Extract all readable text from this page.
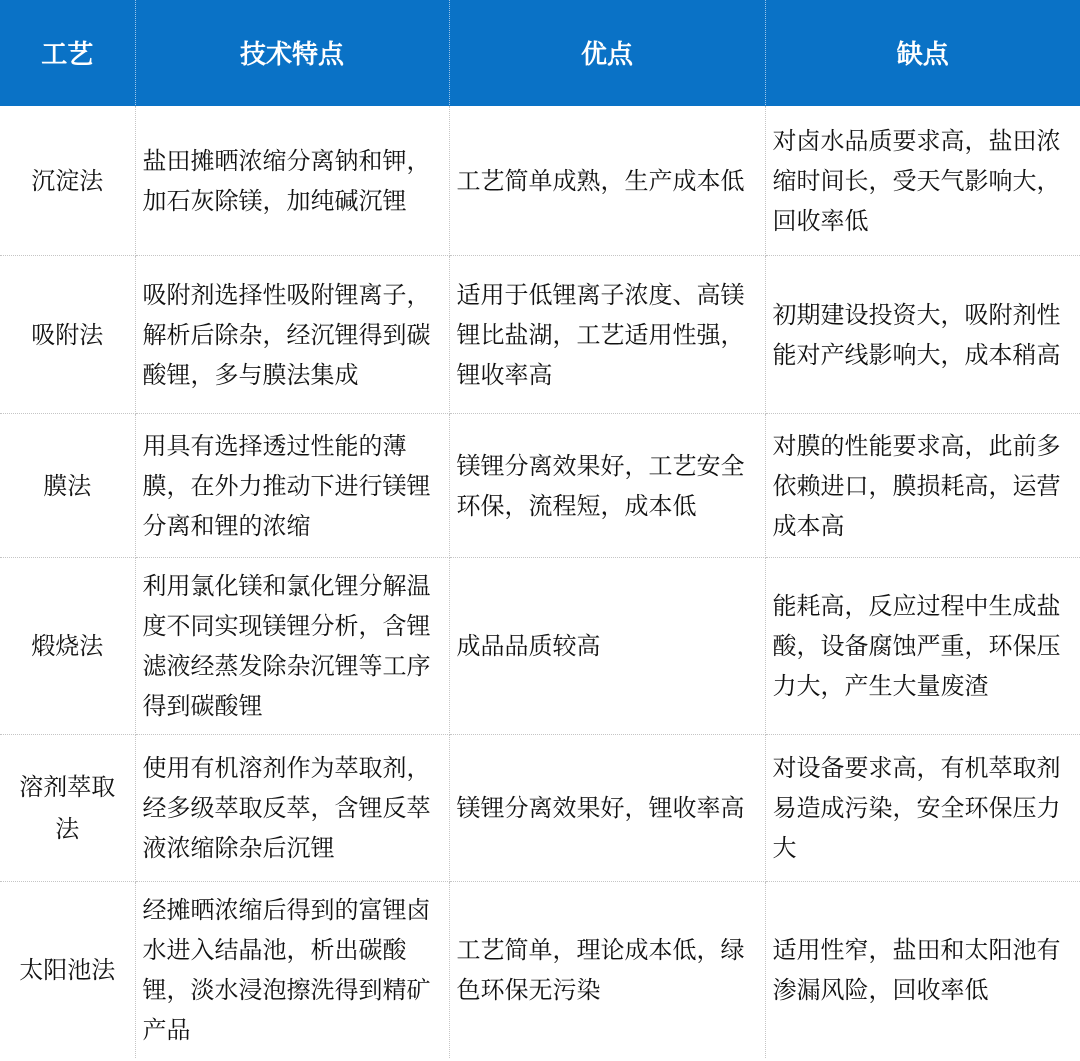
工艺	技术特点	优点	缺点
沉淀法	盐田摊晒浓缩分离钠和钾，加石灰除镁，加纯碱沉锂	工艺简单成熟，生产成本低	对卤水品质要求高，盐田浓缩时间长，受天气影响大，回收率低
吸附法	吸附剂选择性吸附锂离子，解析后除杂，经沉锂得到碳酸锂，多与膜法集成	适用于低锂离子浓度、高镁锂比盐湖，工艺适用性强，锂收率高	初期建设投资大，吸附剂性能对产线影响大，成本稍高
膜法	用具有选择透过性能的薄膜，在外力推动下进行镁锂分离和锂的浓缩	镁锂分离效果好，工艺安全环保，流程短，成本低	对膜的性能要求高，此前多依赖进口，膜损耗高，运营成本高
煅烧法	利用氯化镁和氯化锂分解温度不同实现镁锂分析，含锂滤液经蒸发除杂沉锂等工序得到碳酸锂	成品品质较高	能耗高，反应过程中生成盐酸，设备腐蚀严重，环保压力大，产生大量废渣
溶剂萃取法	使用有机溶剂作为萃取剂，经多级萃取反萃，含锂反萃液浓缩除杂后沉锂	镁锂分离效果好，锂收率高	对设备要求高，有机萃取剂易造成污染，安全环保压力大
太阳池法	经摊晒浓缩后得到的富锂卤水进入结晶池，析出碳酸锂，淡水浸泡擦洗得到精矿产品	工艺简单，理论成本低，绿色环保无污染	适用性窄，盐田和太阳池有渗漏风险，回收率低
